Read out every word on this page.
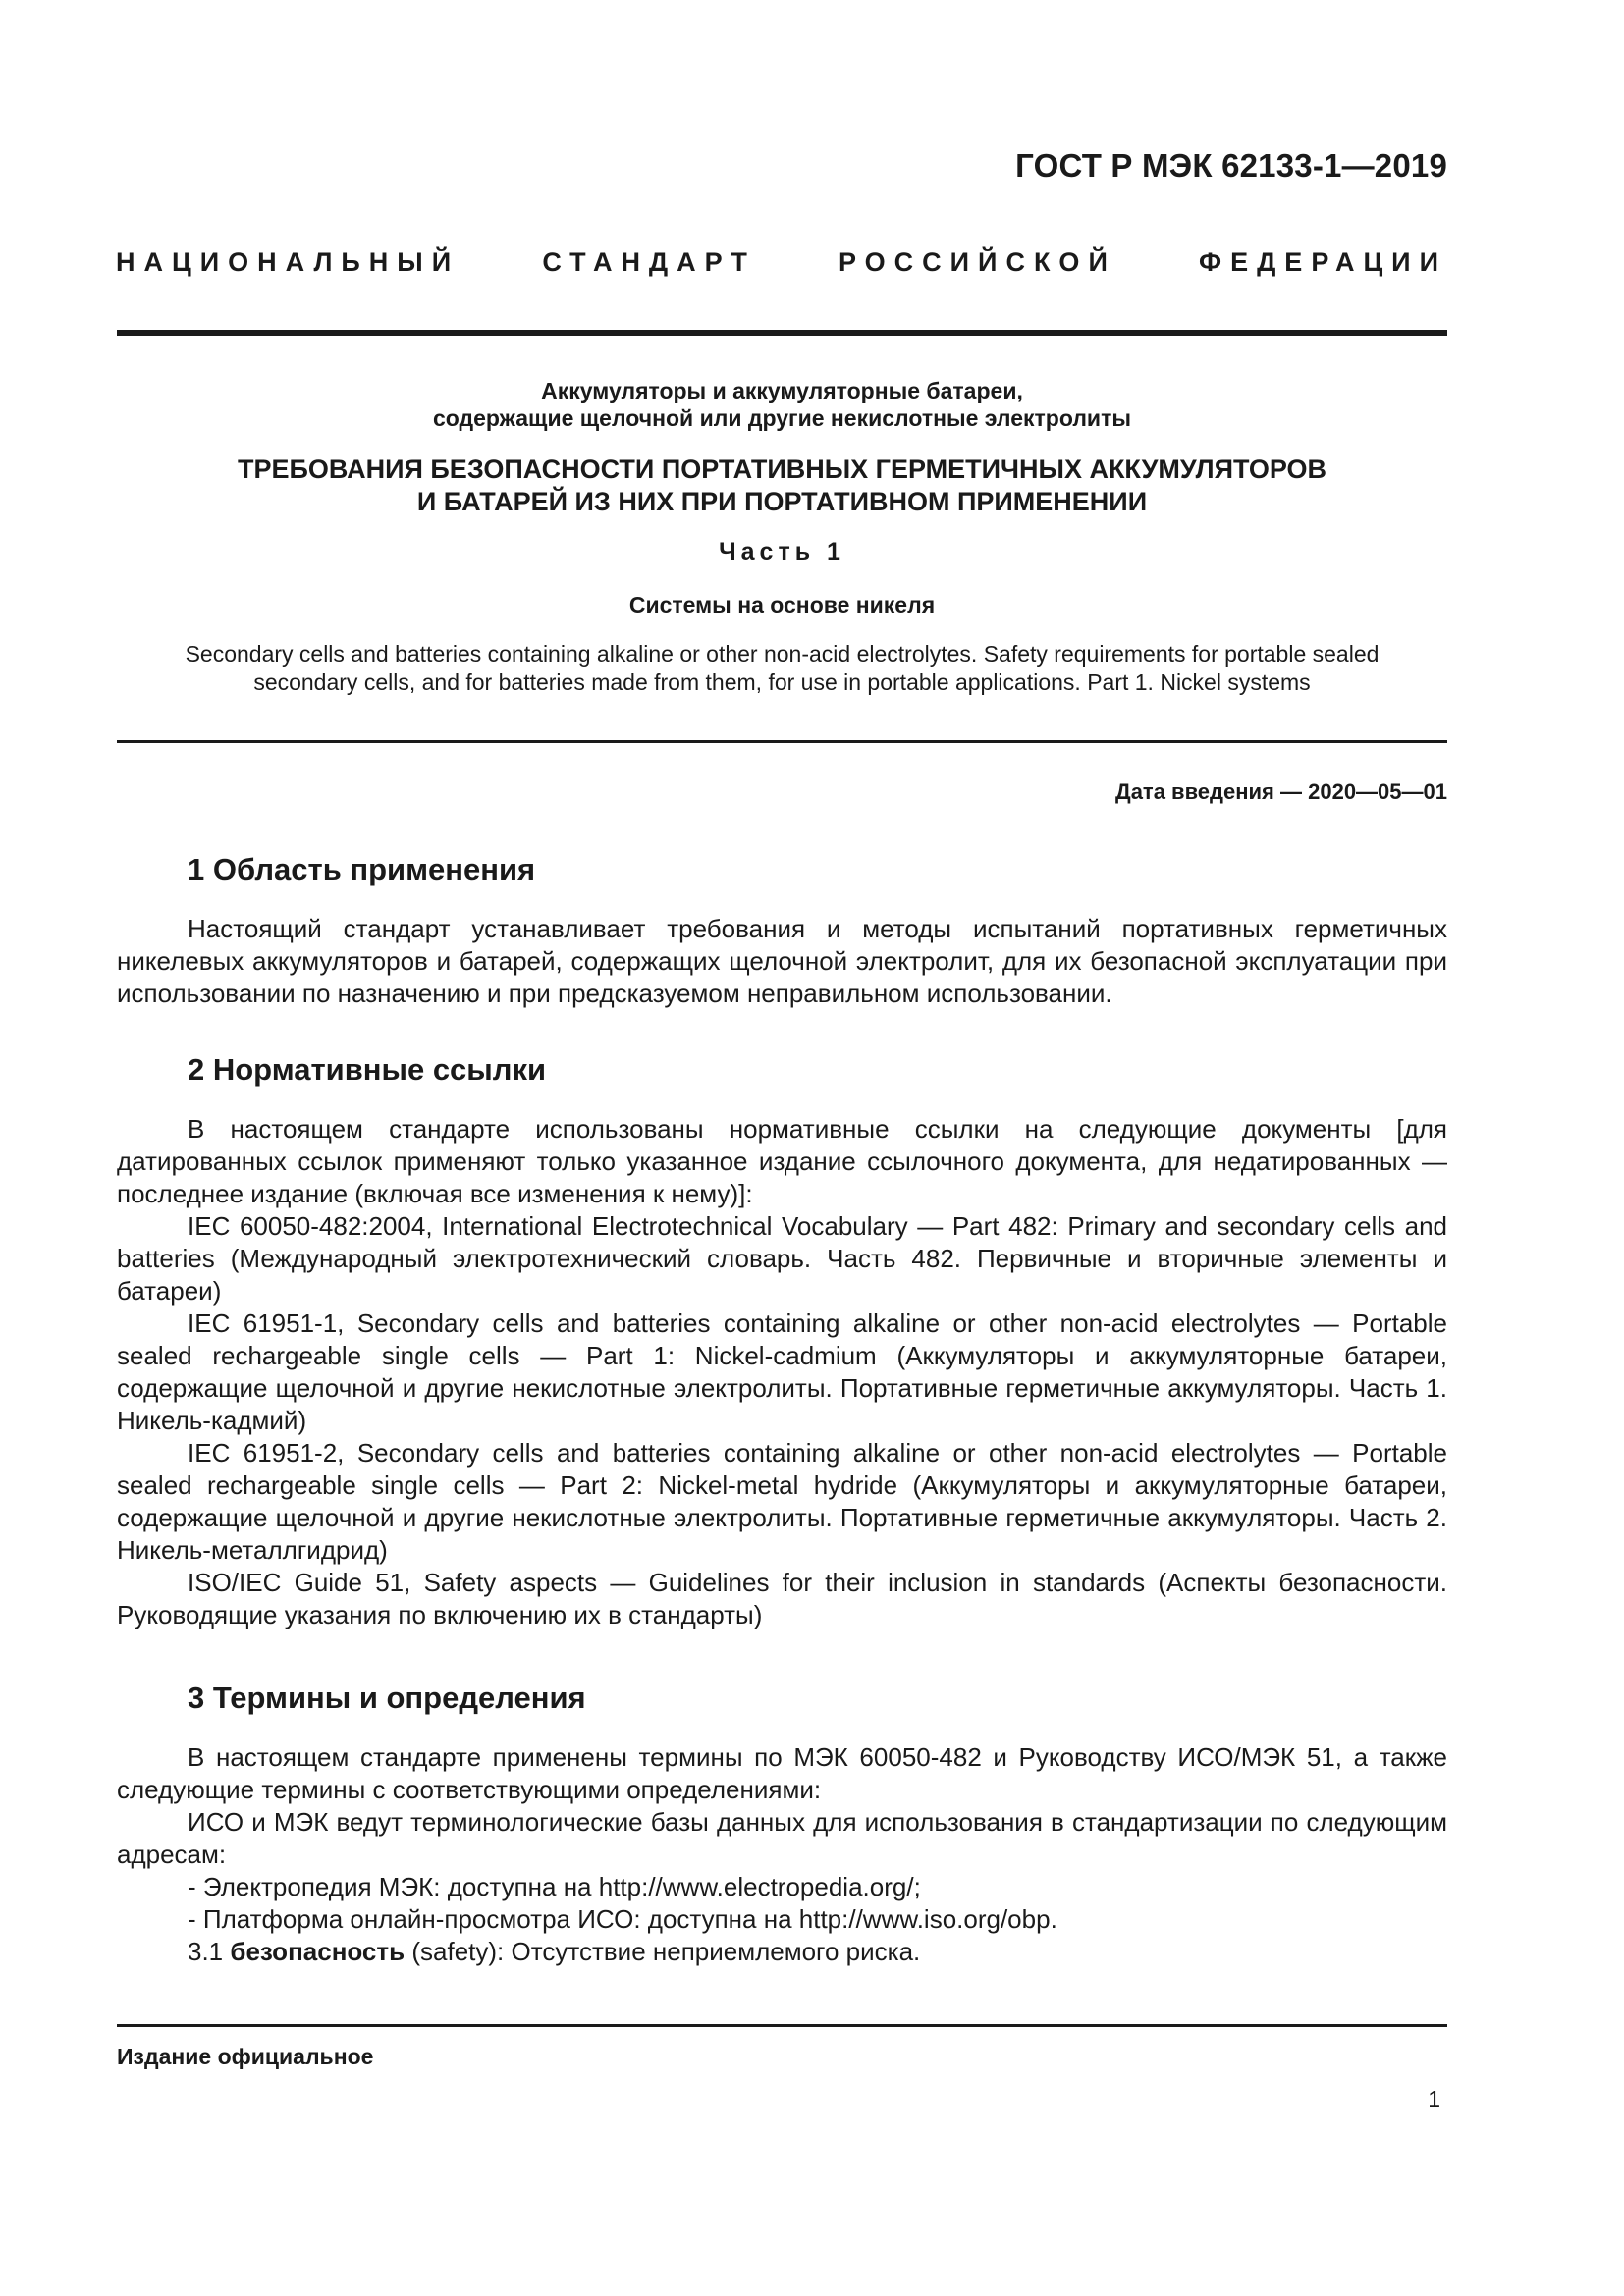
ГОСТ Р МЭК 62133-1—2019
НАЦИОНАЛЬНЫЙ СТАНДАРТ РОССИЙСКОЙ ФЕДЕРАЦИИ
Аккумуляторы и аккумуляторные батареи,
содержащие щелочной или другие некислотные электролиты
ТРЕБОВАНИЯ БЕЗОПАСНОСТИ ПОРТАТИВНЫХ ГЕРМЕТИЧНЫХ АККУМУЛЯТОРОВ
И БАТАРЕЙ ИЗ НИХ ПРИ ПОРТАТИВНОМ ПРИМЕНЕНИИ
Часть 1
Системы на основе никеля
Secondary cells and batteries containing alkaline or other non-acid electrolytes. Safety requirements for portable sealed
secondary cells, and for batteries made from them, for use in portable applications. Part 1. Nickel systems
Дата введения — 2020—05—01
1 Область применения

Настоящий стандарт устанавливает требования и методы испытаний портативных герметичных никелевых аккумуляторов и батарей, содержащих щелочной электролит, для их безопасной эксплуатации при использовании по назначению и при предсказуемом неправильном использовании.

2 Нормативные ссылки

В настоящем стандарте использованы нормативные ссылки на следующие документы [для датированных ссылок применяют только указанное издание ссылочного документа, для недатированных — последнее издание (включая все изменения к нему)]:

IEC 60050-482:2004, International Electrotechnical Vocabulary — Part 482: Primary and secondary cells and batteries (Международный электротехнический словарь. Часть 482. Первичные и вторичные элементы и батареи)

IEC 61951-1, Secondary cells and batteries containing alkaline or other non-acid electrolytes — Portable sealed rechargeable single cells — Part 1: Nickel-cadmium (Аккумуляторы и аккумуляторные батареи, содержащие щелочной и другие некислотные электролиты. Портативные герметичные аккумуляторы. Часть 1. Никель-кадмий)

IEC 61951-2, Secondary cells and batteries containing alkaline or other non-acid electrolytes — Portable sealed rechargeable single cells — Part 2: Nickel-metal hydride (Аккумуляторы и аккумуляторные батареи, содержащие щелочной и другие некислотные электролиты. Портативные герметичные аккумуляторы. Часть 2. Никель-металлгидрид)

ISO/IEC Guide 51, Safety aspects — Guidelines for their inclusion in standards (Аспекты безопасности. Руководящие указания по включению их в стандарты)

3 Термины и определения

В настоящем стандарте применены термины по МЭК 60050-482 и Руководству ИСО/МЭК 51, а также следующие термины с соответствующими определениями:

ИСО и МЭК ведут терминологические базы данных для использования в стандартизации по следующим адресам:

- Электропедия МЭК: доступна на http://www.electropedia.org/;

- Платформа онлайн-просмотра ИСО: доступна на http://www.iso.org/obp.

3.1 безопасность (safety): Отсутствие неприемлемого риска.

Издание официальное
1
